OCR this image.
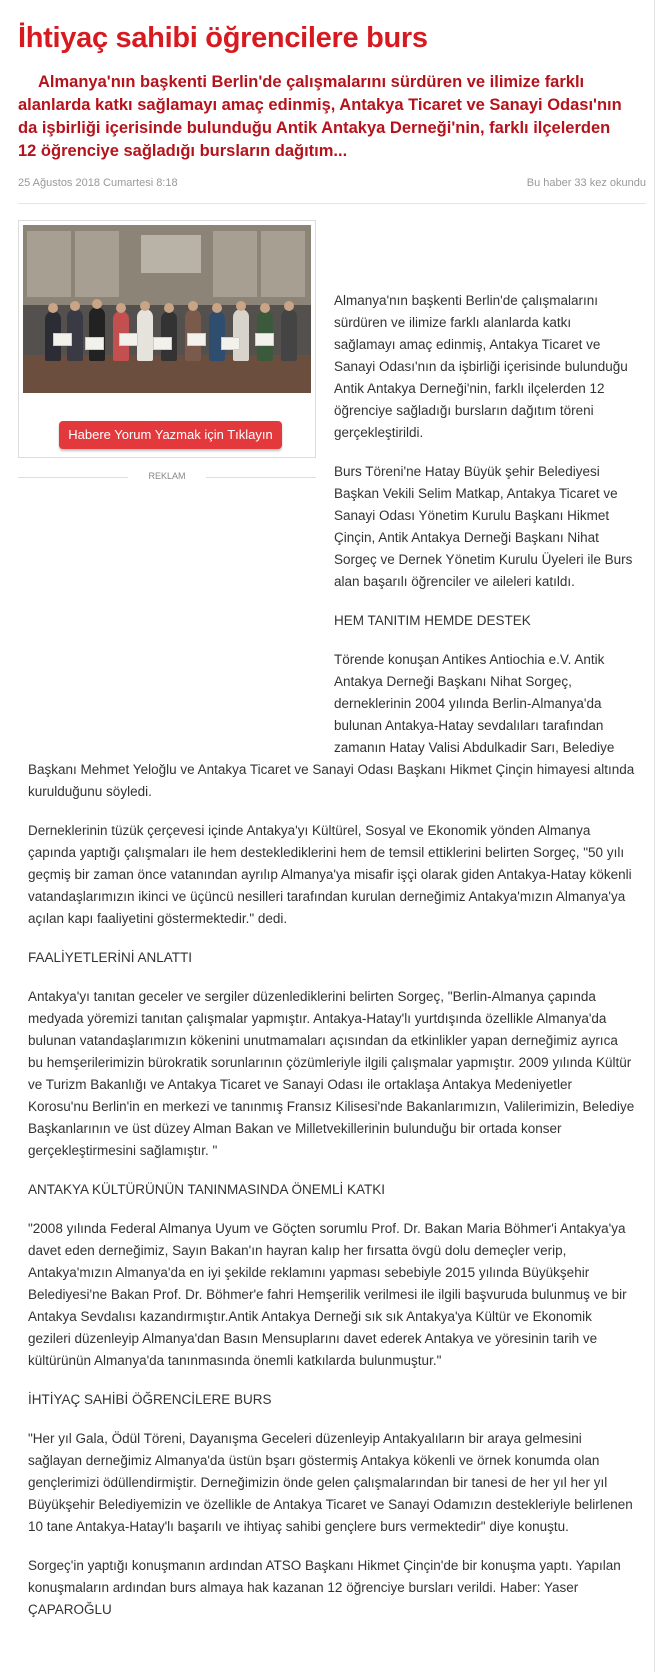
İhtiyaç sahibi öğrencilere burs

Almanya'nın başkenti Berlin'de çalışmalarını sürdüren ve ilimize farklı alanlarda katkı sağlamayı amaç edinmiş, Antakya Ticaret ve Sanayi Odası'nın da işbirliği içerisinde bulunduğu Antik Antakya Derneği'nin, farklı ilçelerden 12 öğrenciye sağladığı bursların dağıtım...

25 Ağustos 2018 Cumartesi 8:18	Bu haber 33 kez okundu
Habere Yorum Yazmak için Tıklayın
REKLAM

Almanya'nın başkenti Berlin'de çalışmalarını sürdüren ve ilimize farklı alanlarda katkı sağlamayı amaç edinmiş, Antakya Ticaret ve Sanayi Odası'nın da işbirliği içerisinde bulunduğu Antik Antakya Derneği'nin, farklı ilçelerden 12 öğrenciye sağladığı bursların dağıtım töreni gerçekleştirildi.

Burs Töreni'ne Hatay Büyük şehir Belediyesi Başkan Vekili Selim Matkap, Antakya Ticaret ve Sanayi Odası Yönetim Kurulu Başkanı Hikmet Çinçin, Antik Antakya Derneği Başkanı Nihat Sorgeç ve Dernek Yönetim Kurulu Üyeleri ile Burs alan başarılı öğrenciler ve aileleri katıldı.

HEM TANITIM HEMDE DESTEK

Törende konuşan Antikes Antiochia e.V. Antik Antakya Derneği Başkanı Nihat Sorgeç, derneklerinin 2004 yılında Berlin-Almanya'da bulunan Antakya-Hatay sevdalıları tarafından zamanın Hatay Valisi Abdulkadir Sarı, Belediye Başkanı Mehmet Yeloğlu ve Antakya Ticaret ve Sanayi Odası Başkanı Hikmet Çinçin himayesi altında kurulduğunu söyledi.

Derneklerinin tüzük çerçevesi içinde Antakya'yı Kültürel, Sosyal ve Ekonomik yönden Almanya çapında yaptığı çalışmaları ile hem desteklediklerini hem de temsil ettiklerini belirten Sorgeç, "50 yılı geçmiş bir zaman önce vatanından ayrılıp Almanya'ya misafir işçi olarak giden Antakya-Hatay kökenli vatandaşlarımızın ikinci ve üçüncü nesilleri tarafından kurulan derneğimiz Antakya'mızın Almanya'ya açılan kapı faaliyetini göstermektedir." dedi.

FAALİYETLERİNİ ANLATTI

Antakya'yı tanıtan geceler ve sergiler düzenlediklerini belirten Sorgeç, "Berlin-Almanya çapında medyada yöremizi tanıtan çalışmalar yapmıştır. Antakya-Hatay'lı yurtdışında özellikle Almanya'da bulunan vatandaşlarımızın kökenini unutmamaları açısından da etkinlikler yapan derneğimiz ayrıca bu hemşerilerimizin bürokratik sorunlarının çözümleriyle ilgili çalışmalar yapmıştır. 2009 yılında Kültür ve Turizm Bakanlığı ve Antakya Ticaret ve Sanayi Odası ile ortaklaşa Antakya Medeniyetler Korosu'nu Berlin'in en merkezi ve tanınmış Fransız Kilisesi'nde Bakanlarımızın, Valilerimizin, Belediye Başkanlarının ve üst düzey Alman Bakan ve Milletvekillerinin bulunduğu bir ortada konser gerçekleştirmesini sağlamıştır. "

ANTAKYA KÜLTÜRÜNÜN TANINMASINDA ÖNEMLİ KATKI

"2008 yılında Federal Almanya Uyum ve Göçten sorumlu Prof. Dr. Bakan Maria Böhmer'i Antakya'ya davet eden derneğimiz, Sayın Bakan'ın hayran kalıp her fırsatta övgü dolu demeçler verip, Antakya'mızın Almanya'da en iyi şekilde reklamını yapması sebebiyle 2015 yılında Büyükşehir Belediyesi'ne Bakan Prof. Dr. Böhmer'e fahri Hemşerilik verilmesi ile ilgili başvuruda bulunmuş ve bir Antakya Sevdalısı kazandırmıştır.Antik Antakya Derneği sık sık Antakya'ya Kültür ve Ekonomik gezileri düzenleyip Almanya'dan Basın Mensuplarını davet ederek Antakya ve yöresinin tarih ve kültürünün Almanya'da tanınmasında önemli katkılarda bulunmuştur."

İHTİYAÇ SAHİBİ ÖĞRENCİLERE BURS

"Her yıl Gala, Ödül Töreni, Dayanışma Geceleri düzenleyip Antakyalıların bir araya gelmesini sağlayan derneğimiz Almanya'da üstün bşarı göstermiş Antakya kökenli ve örnek konumda olan gençlerimizi ödüllendirmiştir. Derneğimizin önde gelen çalışmalarından bir tanesi de her yıl her yıl Büyükşehir Belediyemizin ve özellikle de Antakya Ticaret ve Sanayi Odamızın destekleriyle belirlenen 10 tane Antakya-Hatay'lı başarılı ve ihtiyaç sahibi gençlere burs vermektedir" diye konuştu.

Sorgeç'in yaptığı konuşmanın ardından ATSO Başkanı Hikmet Çinçin'de bir konuşma yaptı. Yapılan konuşmaların ardından burs almaya hak kazanan 12 öğrenciye bursları verildi. Haber: Yaser ÇAPAROĞLU
